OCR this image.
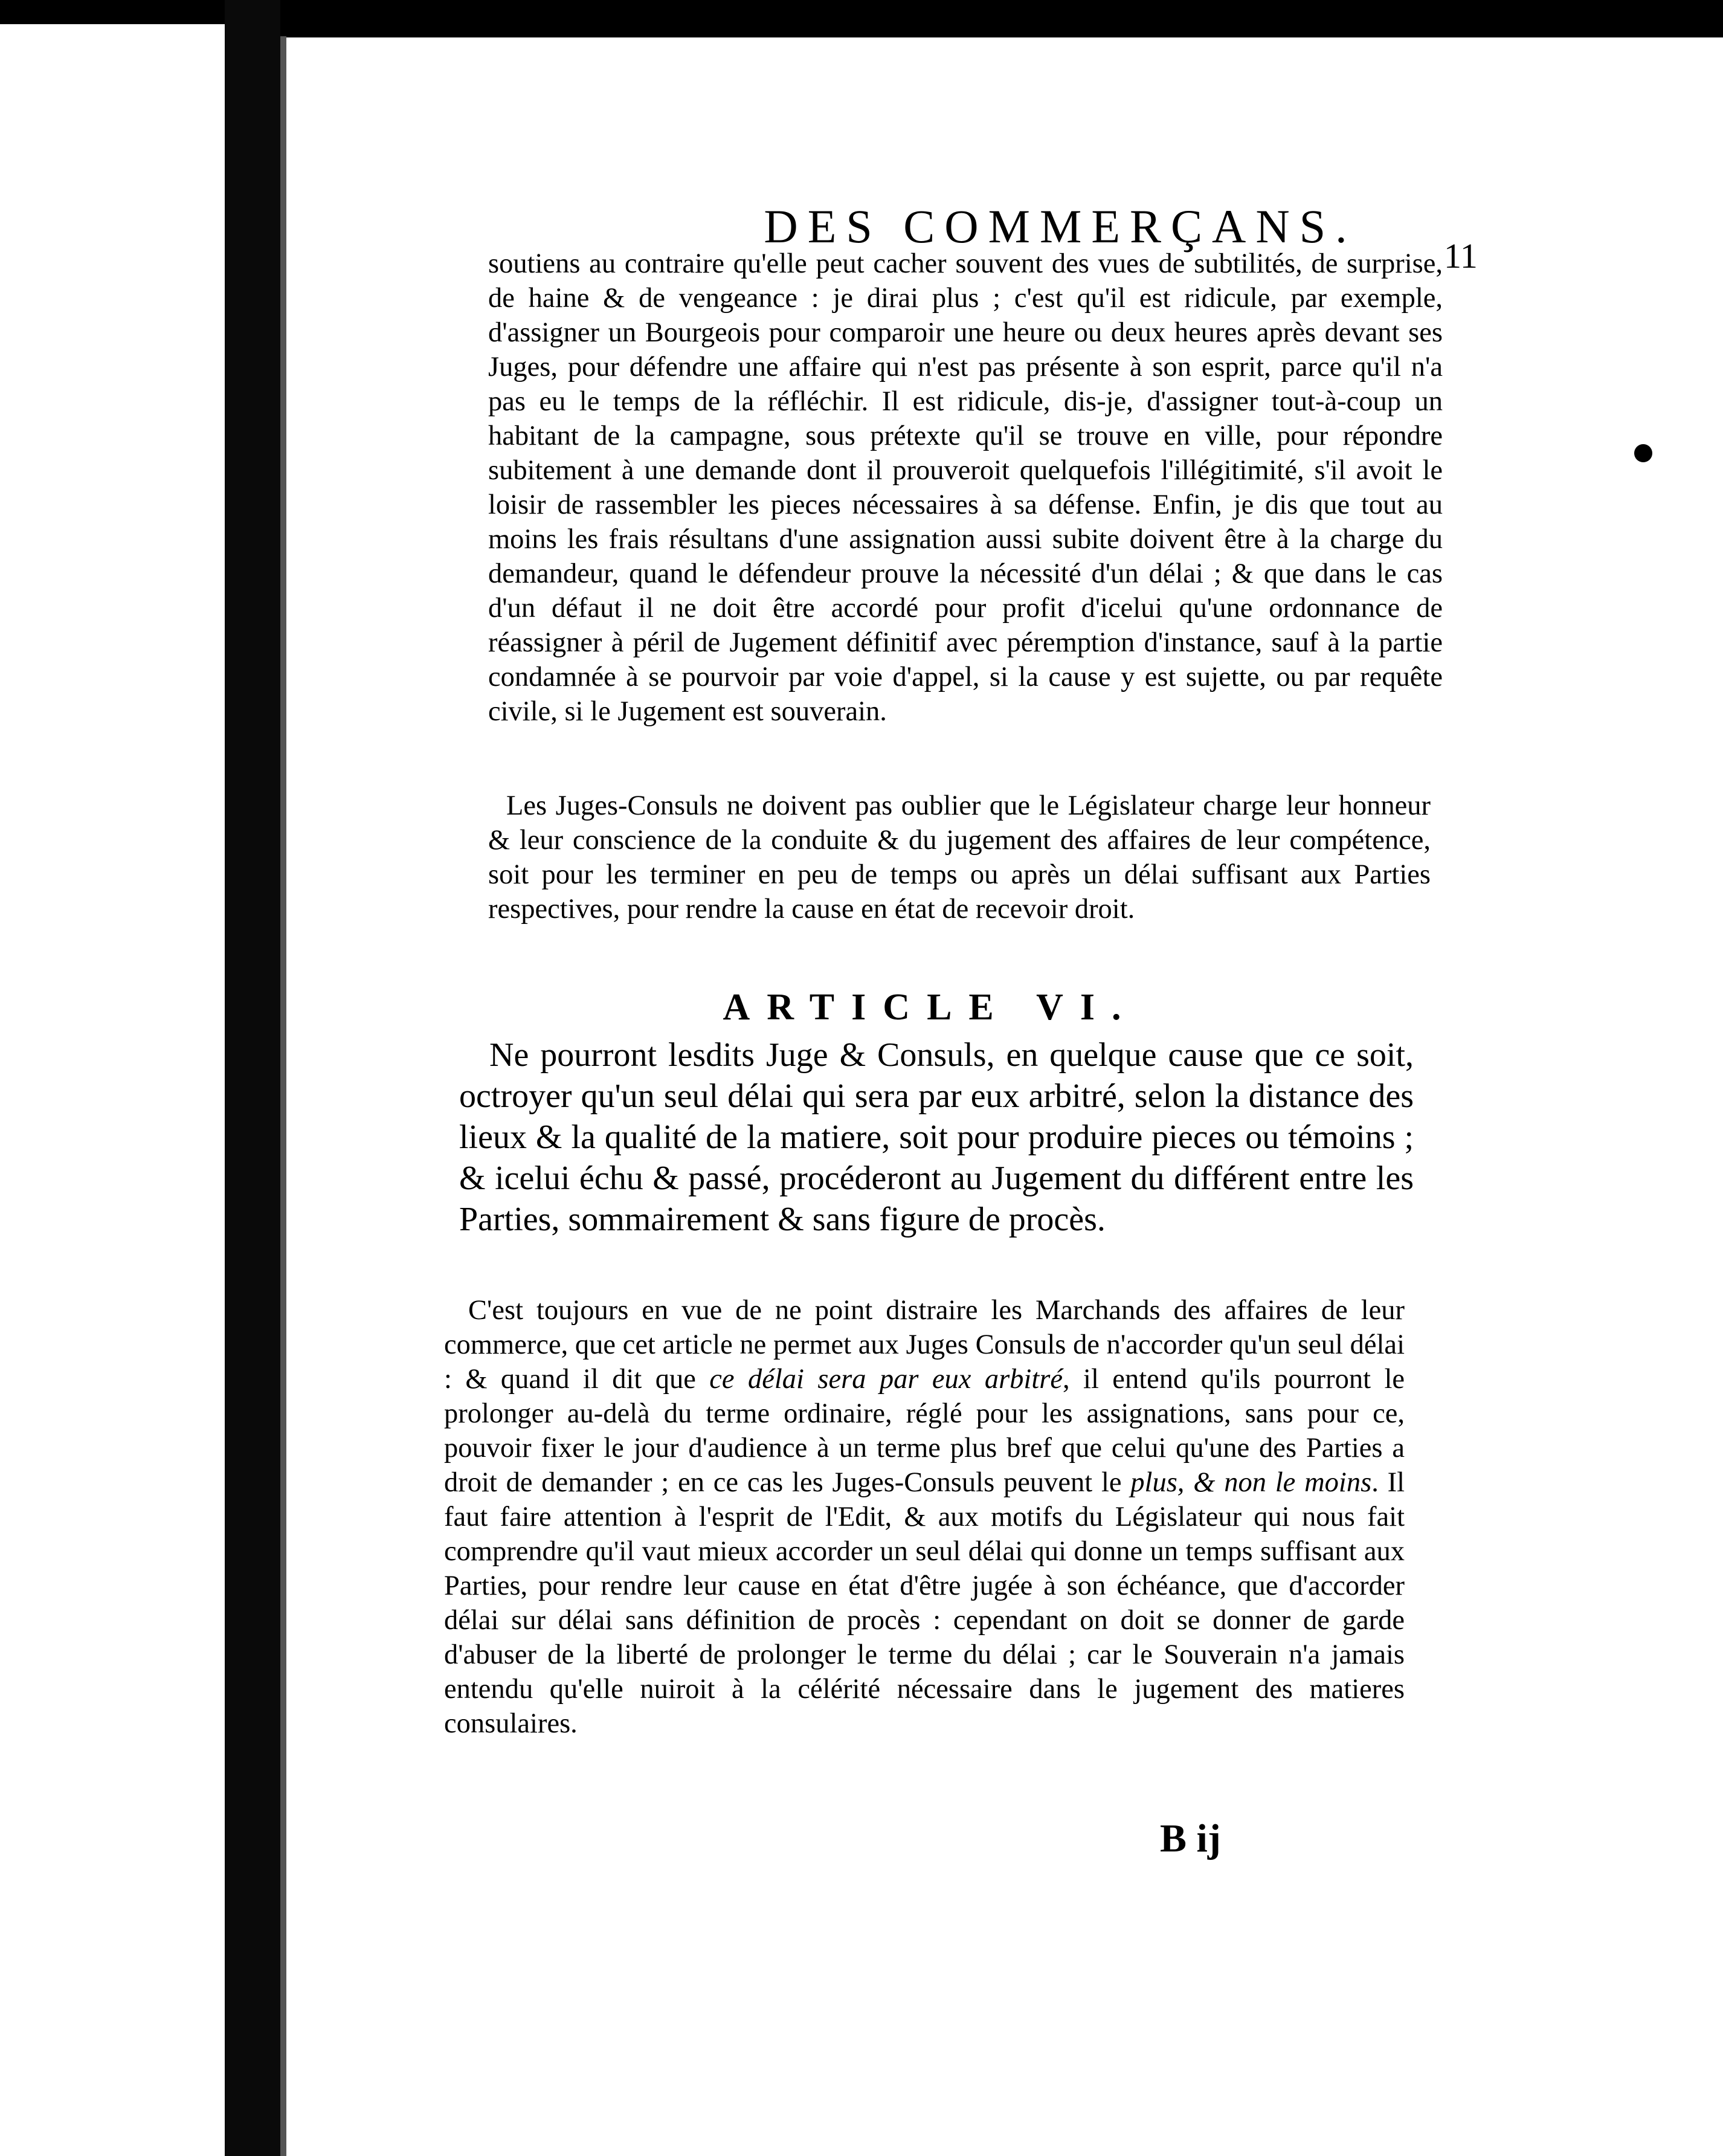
DES COMMERÇANS.
11

soutiens au contraire qu'elle peut cacher souvent des vues de subtilités, de surprise, de haine & de vengeance : je dirai plus ; c'est qu'il est ridicule, par exemple, d'assigner un Bourgeois pour comparoir une heure ou deux heures après devant ses Juges, pour défendre une affaire qui n'est pas présente à son esprit, parce qu'il n'a pas eu le temps de la réfléchir. Il est ridicule, dis-je, d'assigner tout-à-coup un habitant de la campagne, sous prétexte qu'il se trouve en ville, pour répondre subitement à une demande dont il prouveroit quelquefois l'illégitimité, s'il avoit le loisir de rassembler les pieces nécessaires à sa défense. Enfin, je dis que tout au moins les frais résultans d'une assignation aussi subite doivent être à la charge du demandeur, quand le défendeur prouve la nécessité d'un délai ; & que dans le cas d'un défaut il ne doit être accordé pour profit d'icelui qu'une ordonnance de réassigner à péril de Jugement définitif avec péremption d'instance, sauf à la partie condamnée à se pourvoir par voie d'appel, si la cause y est sujette, ou par requête civile, si le Jugement est souverain.

Les Juges-Consuls ne doivent pas oublier que le Législateur charge leur honneur & leur conscience de la conduite & du jugement des affaires de leur compétence, soit pour les terminer en peu de temps ou après un délai suffisant aux Parties respectives, pour rendre la cause en état de recevoir droit.

ARTICLE VI.

Ne pourront lesdits Juge & Consuls, en quelque cause que ce soit, octroyer qu'un seul délai qui sera par eux arbitré, selon la distance des lieux & la qualité de la matiere, soit pour produire pieces ou témoins ; & icelui échu & passé, procéderont au Jugement du différent entre les Parties, sommairement & sans figure de procès.

C'est toujours en vue de ne point distraire les Marchands des affaires de leur commerce, que cet article ne permet aux Juges Consuls de n'accorder qu'un seul délai : & quand il dit que ce délai sera par eux arbitré, il entend qu'ils pourront le prolonger au-delà du terme ordinaire, réglé pour les assignations, sans pour ce, pouvoir fixer le jour d'audience à un terme plus bref que celui qu'une des Parties a droit de demander ; en ce cas les Juges-Consuls peuvent le plus, & non le moins. Il faut faire attention à l'esprit de l'Edit, & aux motifs du Législateur qui nous fait comprendre qu'il vaut mieux accorder un seul délai qui donne un temps suffisant aux Parties, pour rendre leur cause en état d'être jugée à son échéance, que d'accorder délai sur délai sans définition de procès : cependant on doit se donner de garde d'abuser de la liberté de prolonger le terme du délai ; car le Souverain n'a jamais entendu qu'elle nuiroit à la célérité nécessaire dans le jugement des matieres consulaires.

B ij
